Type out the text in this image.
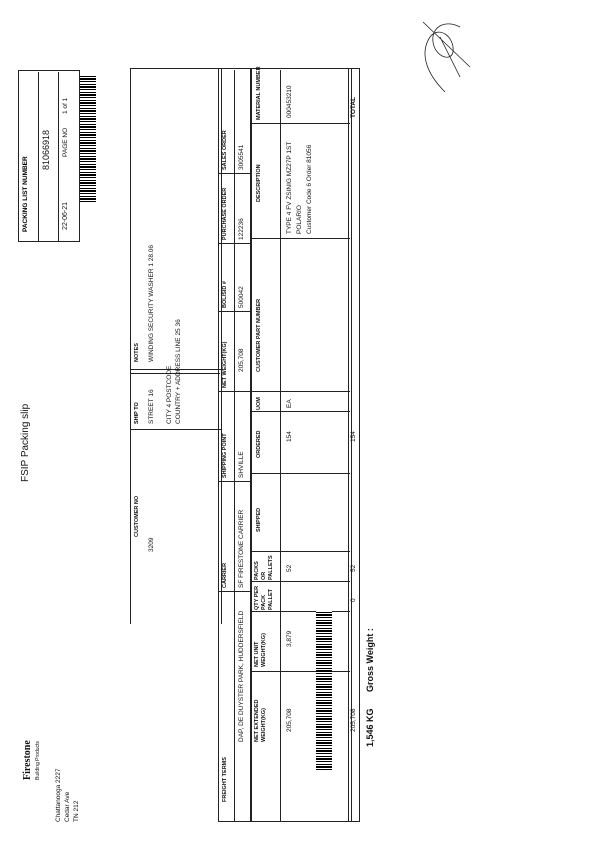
FSIP Packing slip
Firestone Building Products
Chattanooga 2227 Cedar Ave TN 212
PACKING LIST NUMBER
81066918
22-06-21
PAGE NO
1 of 1
SHIP TO STREET 16 CITY 4 POSTCODE COUNTRY + ADDRESS LINE 25 36
CUSTOMER NO
3209
NOTES WINDING SECURITY WASHER 1 28.06
SALES ORDER
PURCHASE ORDER
BOL/SID #
NET WEIGHT(KG)
SHIPPING POINT
CARRIER
FREIGHT TERMS
3005541
122236
500042
205,708
SHVILLE
SF FIRESTONE CARRIER
DAP, DE DUYSTER PARK, HUDDERSFIELD
MATERIAL NUMBER
DESCRIPTION
CUSTOMER PART NUMBER
UOM
ORDERED
SHIPPED
PACKS OR PALLETS
QTY PER PACK PALLET
NET UNIT WEIGHT(KG)
NET EXTENDED WEIGHT(KG)
000453210
TYPE 4 FV ZSINIG MZ27P 1ST POLARIO Customer Code 6 Order 81056
EA
154
52
3,879
205,708
TOTAL
154
52
0
205,708
Gross Weight :
1,546 KG
